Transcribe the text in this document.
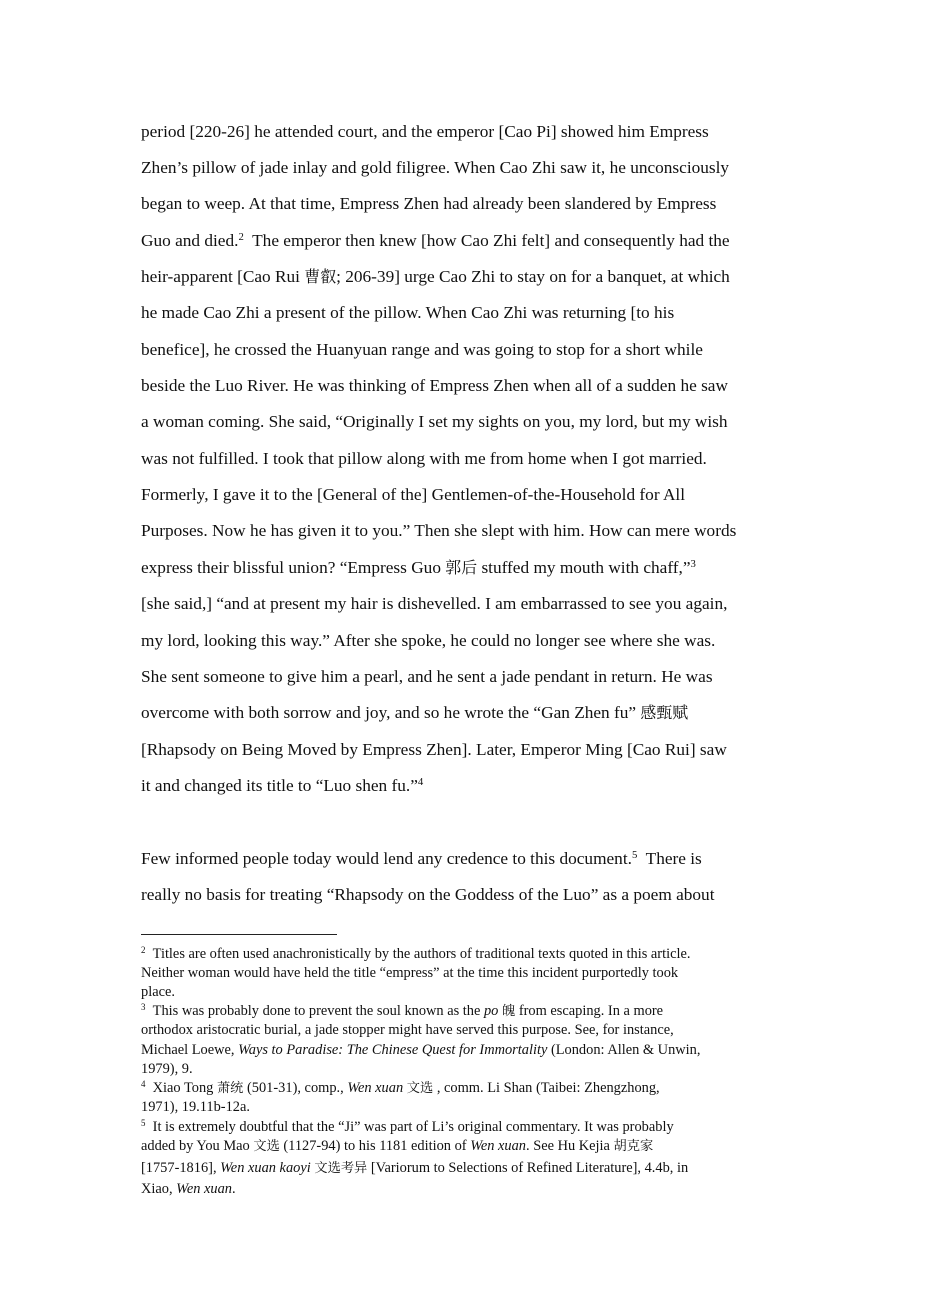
period [220-26] he attended court, and the emperor [Cao Pi] showed him Empress
Zhen’s pillow of jade inlay and gold filigree. When Cao Zhi saw it, he unconsciously
began to weep. At that time, Empress Zhen had already been slandered by Empress
Guo and died.$^2$  The emperor then knew [how Cao Zhi felt] and consequently had the
heir-apparent [Cao Rui 曹叡; 206-39] urge Cao Zhi to stay on for a banquet, at which
he made Cao Zhi a present of the pillow. When Cao Zhi was returning [to his
benefice], he crossed the Huanyuan range and was going to stop for a short while
beside the Luo River. He was thinking of Empress Zhen when all of a sudden he saw
a woman coming. She said, “Originally I set my sights on you, my lord, but my wish
was not fulfilled. I took that pillow along with me from home when I got married.
Formerly, I gave it to the [General of the] Gentlemen-of-the-Household for All
Purposes. Now he has given it to you.” Then she slept with him. How can mere words
express their blissful union? “Empress Guo 郭后 stuffed my mouth with chaff,”$^3$
[she said,] “and at present my hair is dishevelled. I am embarrassed to see you again,
my lord, looking this way.” After she spoke, he could no longer see where she was.
She sent someone to give him a pearl, and he sent a jade pendant in return. He was
overcome with both sorrow and joy, and so he wrote the “Gan Zhen fu” 感甄赋
[Rhapsody on Being Moved by Empress Zhen]. Later, Emperor Ming [Cao Rui] saw
it and changed its title to “Luo shen fu.”$^4$
Few informed people today would lend any credence to this document.$^5$  There is
really no basis for treating “Rhapsody on the Goddess of the Luo” as a poem about
$^2$ Titles are often used anachronistically by the authors of traditional texts quoted in this article.
Neither woman would have held the title “empress” at the time this incident purportedly took
place.
$^3$ This was probably done to prevent the soul known as the po 魄 from escaping. In a more
orthodox aristocratic burial, a jade stopper might have served this purpose. See, for instance,
Michael Loewe, Ways to Paradise: The Chinese Quest for Immortality (London: Allen & Unwin,
1979), 9.
$^4$ Xiao Tong 萧统 (501-31), comp., Wen xuan 文选 , comm. Li Shan (Taibei: Zhengzhong,
1971), 19.11b-12a.
$^5$ It is extremely doubtful that the “Ji” was part of Li’s original commentary. It was probably
added by You Mao 文选 (1127-94) to his 1181 edition of Wen xuan. See Hu Kejia 胡克家
[1757-1816], Wen xuan kaoyi 文选考异 [Variorum to Selections of Refined Literature], 4.4b, in
Xiao, Wen xuan.
